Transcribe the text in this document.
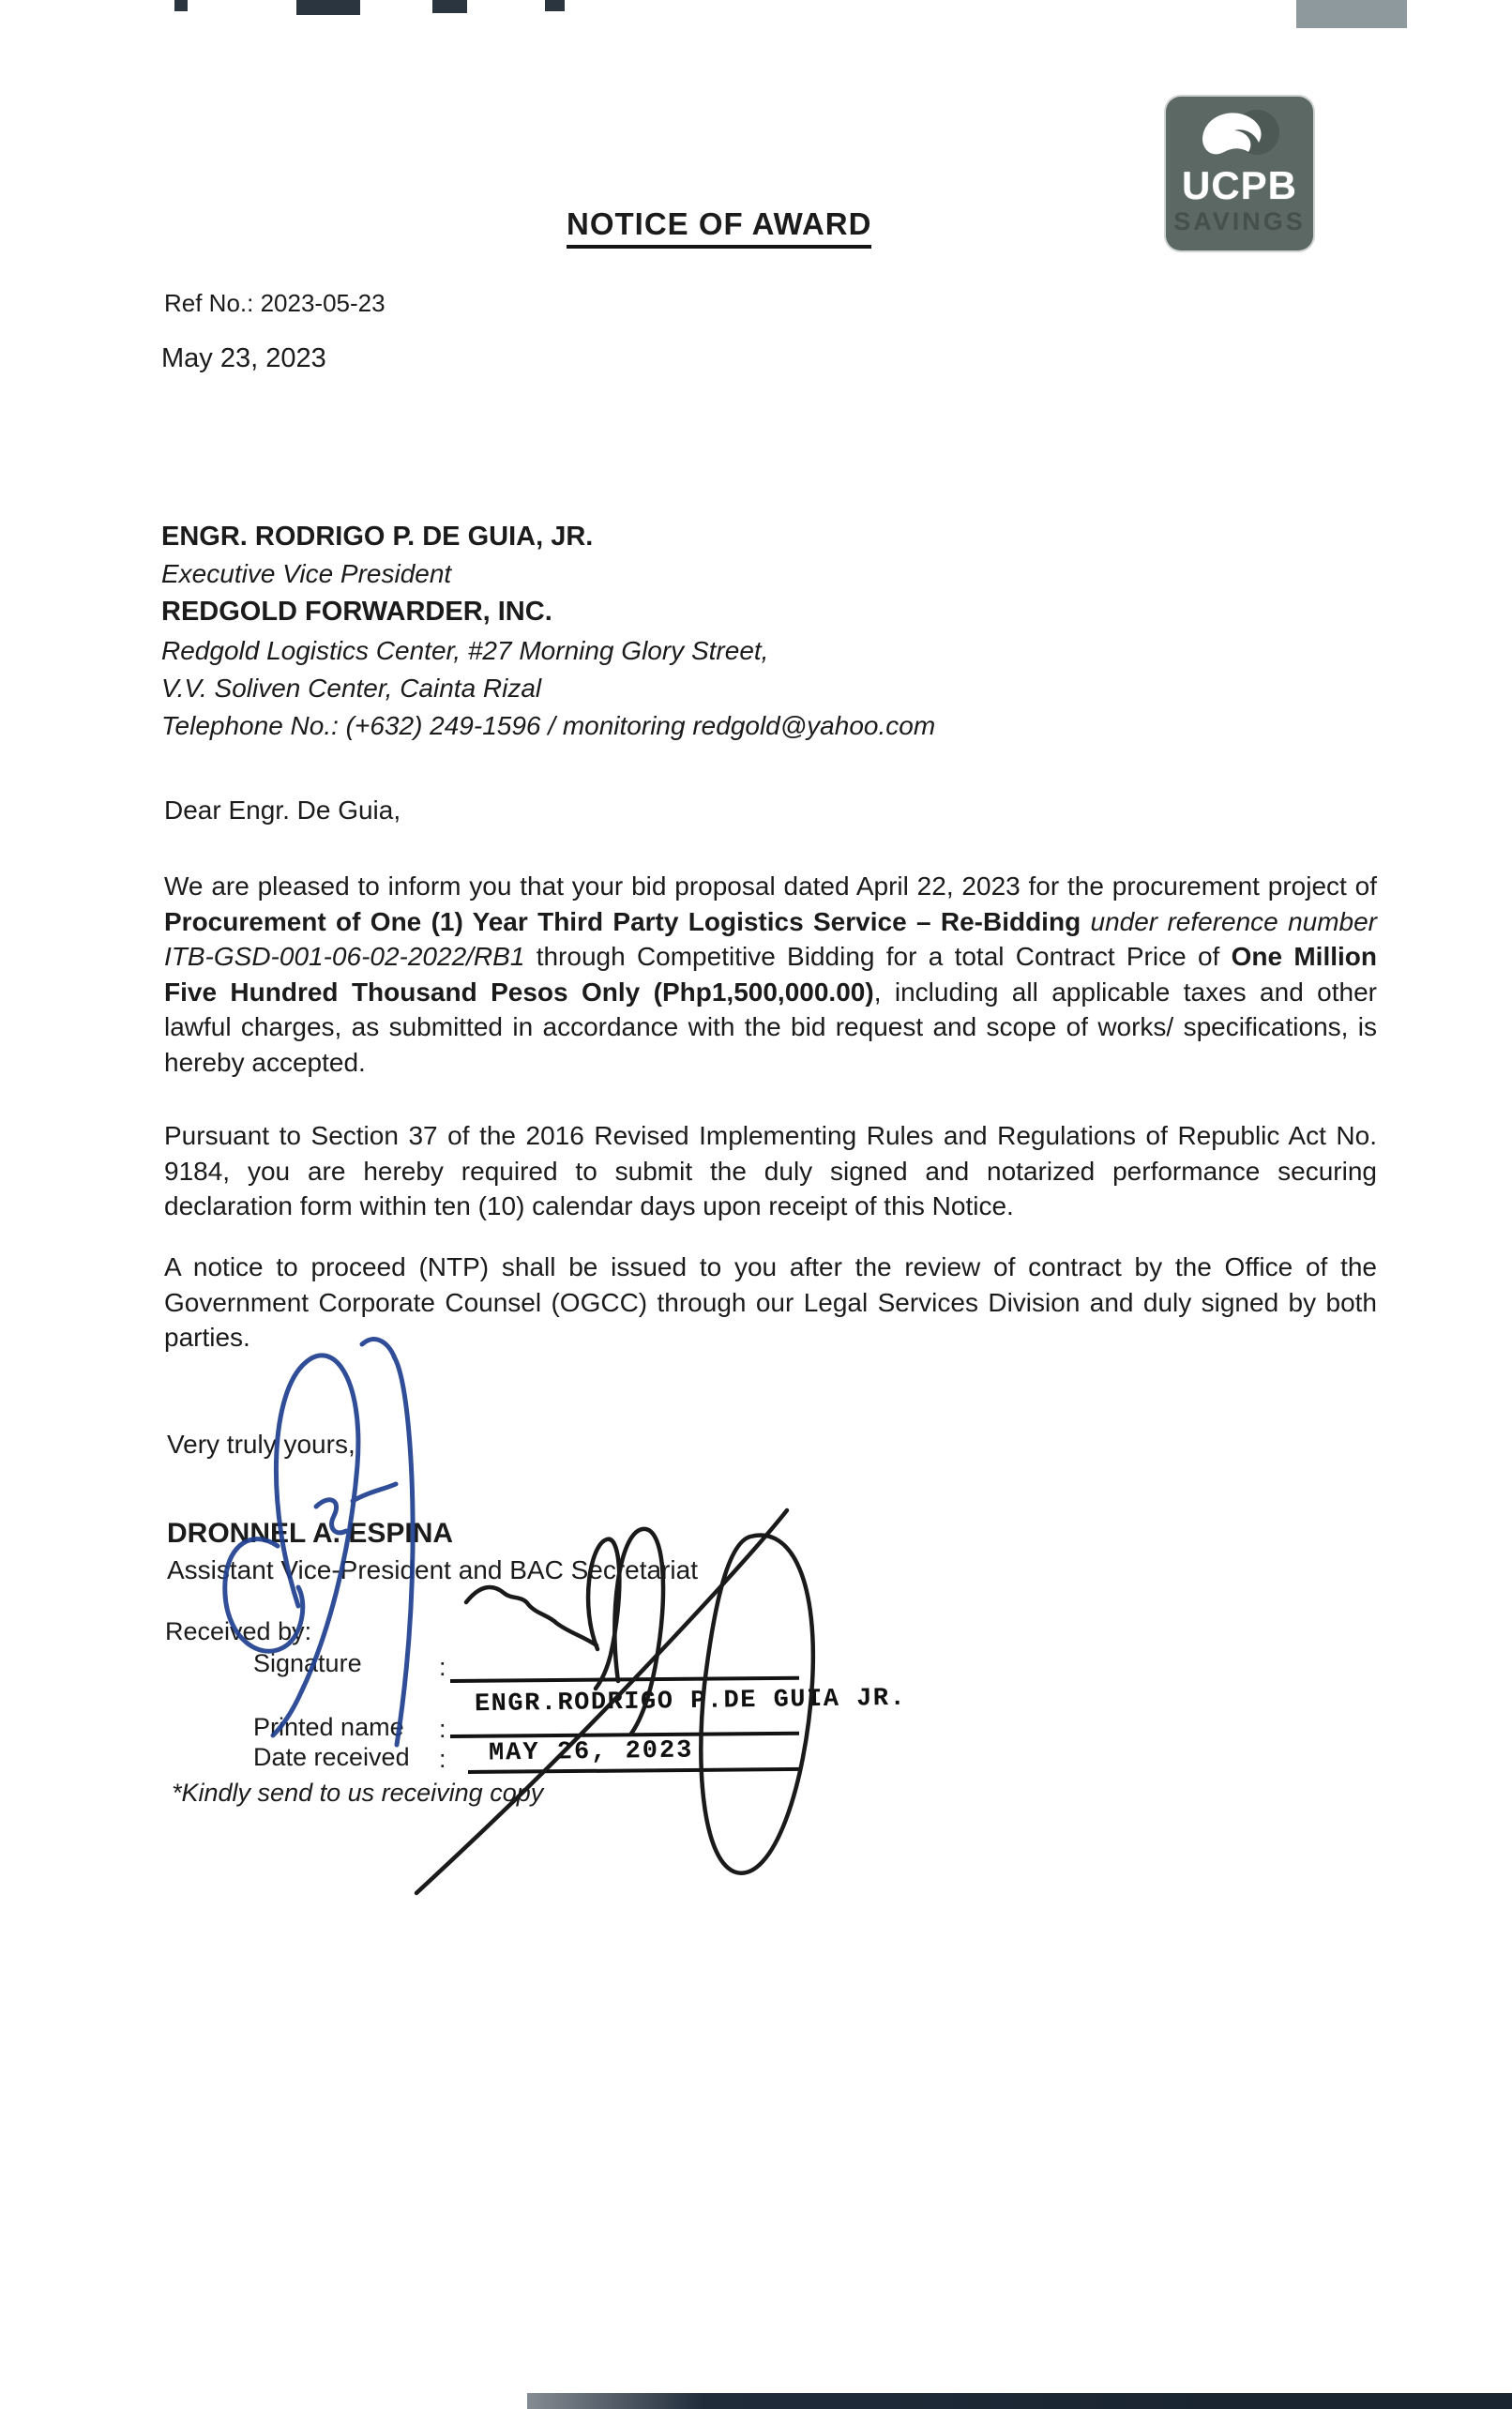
UCPB
SAVINGS
NOTICE OF AWARD
Ref No.: 2023-05-23
May 23, 2023
ENGR. RODRIGO P. DE GUIA, JR.
Executive Vice President
REDGOLD FORWARDER, INC.
Redgold Logistics Center, #27 Morning Glory Street,
V.V. Soliven Center, Cainta Rizal
Telephone No.: (+632) 249-1596 / monitoring redgold@yahoo.com
Dear Engr. De Guia,
We are pleased to inform you that your bid proposal dated April 22, 2023 for the procurement project of Procurement of One (1) Year Third Party Logistics Service – Re-Bidding under reference number ITB-GSD-001-06-02-2022/RB1 through Competitive Bidding for a total Contract Price of One Million Five Hundred Thousand Pesos Only (Php1,500,000.00), including all applicable taxes and other lawful charges, as submitted in accordance with the bid request and scope of works/ specifications, is hereby accepted.
Pursuant to Section 37 of the 2016 Revised Implementing Rules and Regulations of Republic Act No. 9184, you are hereby required to submit the duly signed and notarized performance securing declaration form within ten (10) calendar days upon receipt of this Notice.
A notice to proceed (NTP) shall be issued to you after the review of contract by the Office of the Government Corporate Counsel (OGCC) through our Legal Services Division and duly signed by both parties.
Very truly yours,
DRONNEL A. ESPINA
Assistant Vice-President and BAC Secretariat
Received by:
Signature	:
Printed name :
Date received :
ENGR.RODRIGO P.DE GUIA JR.
MAY 26, 2023
*Kindly send to us receiving copy
